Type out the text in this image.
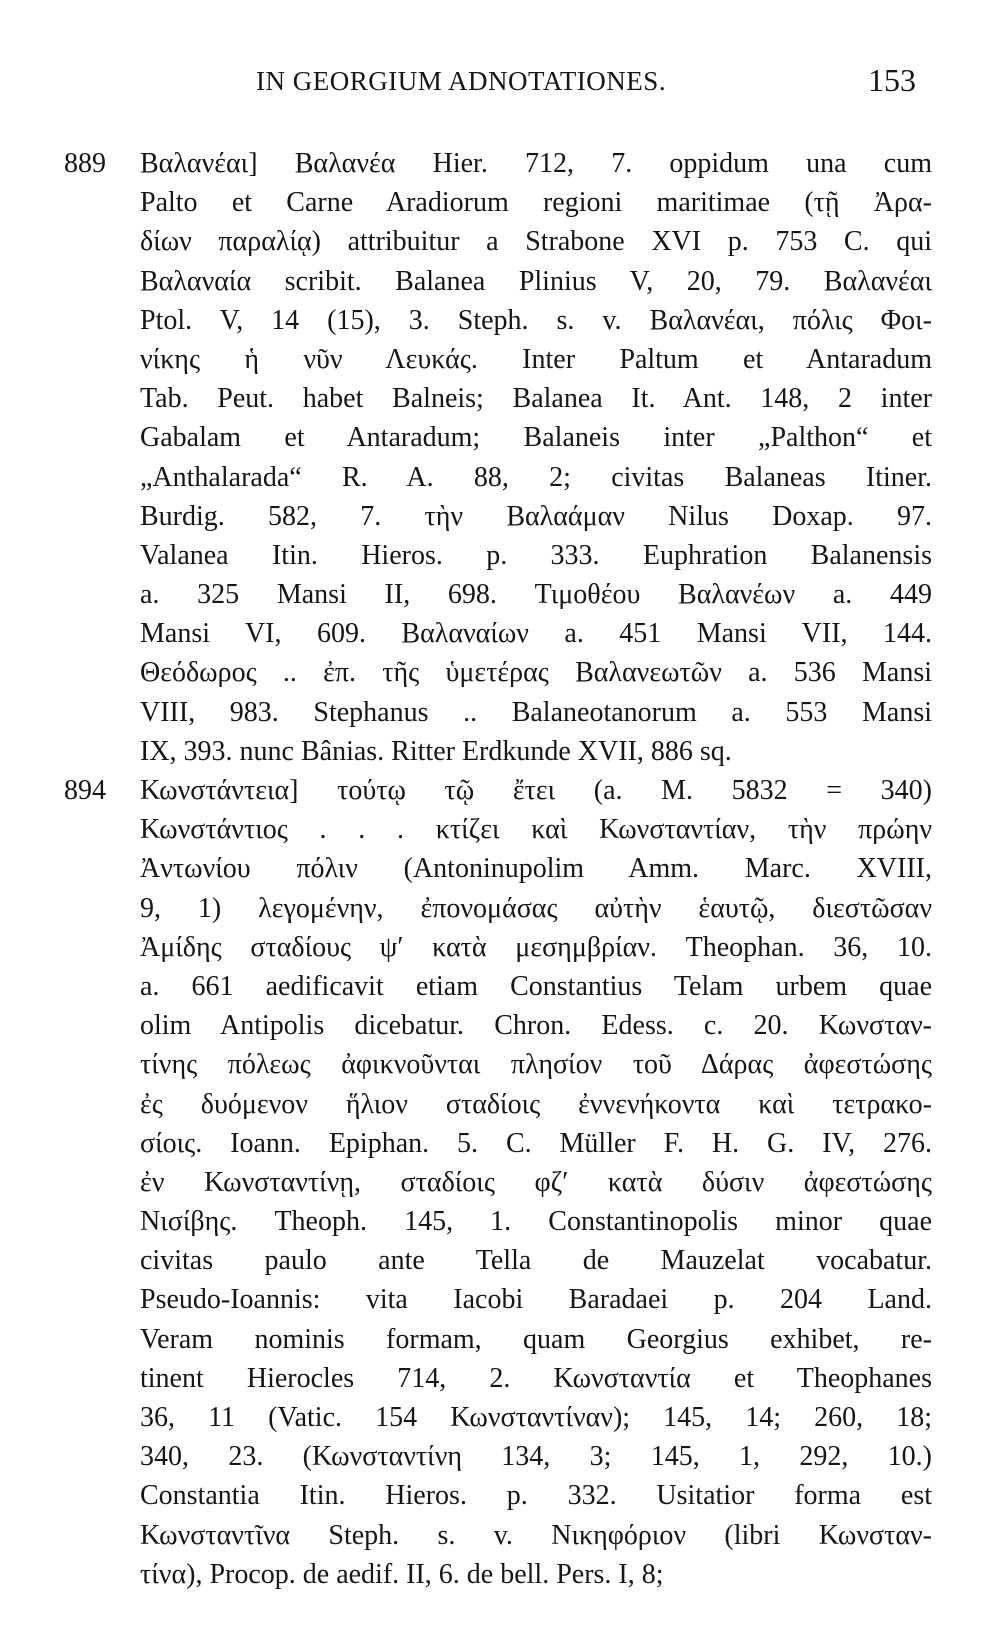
IN GEORGIUM ADNOTATIONES.	153
889 Βαλανέαι] Βαλανέα Hier. 712, 7. oppidum una cum
Palto et Carne Aradiorum regioni maritimae (τῇ Ἀρα-
δίων παραλίᾳ) attribuitur a Strabone XVI p. 753 C. qui
Βαλαναία scribit. Balanea Plinius V, 20, 79. Βαλανέαι
Ptol. V, 14 (15), 3. Steph. s. v. Βαλανέαι, πόλις Φοι-
νίκης ἡ νῦν Λευκάς. Inter Paltum et Antaradum
Tab. Peut. habet Balneis; Balanea It. Ant. 148, 2 inter
Gabalam et Antaradum; Balaneis inter „Palthon“ et
„Anthalarada“ R. A. 88, 2; civitas Balaneas Itiner.
Burdig. 582, 7. τὴν Βαλαάμαν Nilus Doxap. 97.
Valanea Itin. Hieros. p. 333. Euphration Balanensis
a. 325 Mansi II, 698. Τιμοθέου Βαλανέων a. 449
Mansi VI, 609. Βαλαναίων a. 451 Mansi VII, 144.
Θεόδωρος .. ἐπ. τῆς ὑμετέρας Βαλανεωτῶν a. 536 Mansi
VIII, 983. Stephanus .. Balaneotanorum a. 553 Mansi
IX, 393. nunc Bânias. Ritter Erdkunde XVII, 886 sq.
894 Κωνστάντεια] τούτῳ τῷ ἔτει (a. M. 5832 = 340)
Κωνστάντιος . . . κτίζει καὶ Κωνσταντίαν, τὴν πρώην
Ἀντωνίου πόλιν (Antoninupolim Amm. Marc. XVIII,
9, 1) λεγομένην, ἐπονομάσας αὐτὴν ἑαυτῷ, διεστῶσαν
Ἀμίδης σταδίους ψ′ κατὰ μεσημβρίαν. Theophan. 36, 10.
a. 661 aedificavit etiam Constantius Telam urbem quae
olim Antipolis dicebatur. Chron. Edess. c. 20. Κωνσταν-
τίνης πόλεως ἀφικνοῦνται πλησίον τοῦ Δάρας ἀφεστώσης
ἐς δυόμενον ἥλιον σταδίοις ἐννενήκοντα καὶ τετρακο-
σίοις. Ioann. Epiphan. 5. C. Müller F. H. G. IV, 276.
ἐν Κωνσταντίνῃ, σταδίοις φζ′ κατὰ δύσιν ἀφεστώσης
Νισίβης. Theoph. 145, 1. Constantinopolis minor quae
civitas paulo ante Tella de Mauzelat vocabatur.
Pseudo-Ioannis: vita Iacobi Baradaei p. 204 Land.
Veram nominis formam, quam Georgius exhibet, re-
tinent Hierocles 714, 2. Κωνσταντία et Theophanes
36, 11 (Vatic. 154 Κωνσταντίναν); 145, 14; 260, 18;
340, 23. (Κωνσταντίνη 134, 3; 145, 1, 292, 10.)
Constantia Itin. Hieros. p. 332. Usitatior forma est
Κωνσταντῖνα Steph. s. v. Νικηφόριον (libri Κωνσταν-
τίνα), Procop. de aedif. II, 6. de bell. Pers. I, 8;
